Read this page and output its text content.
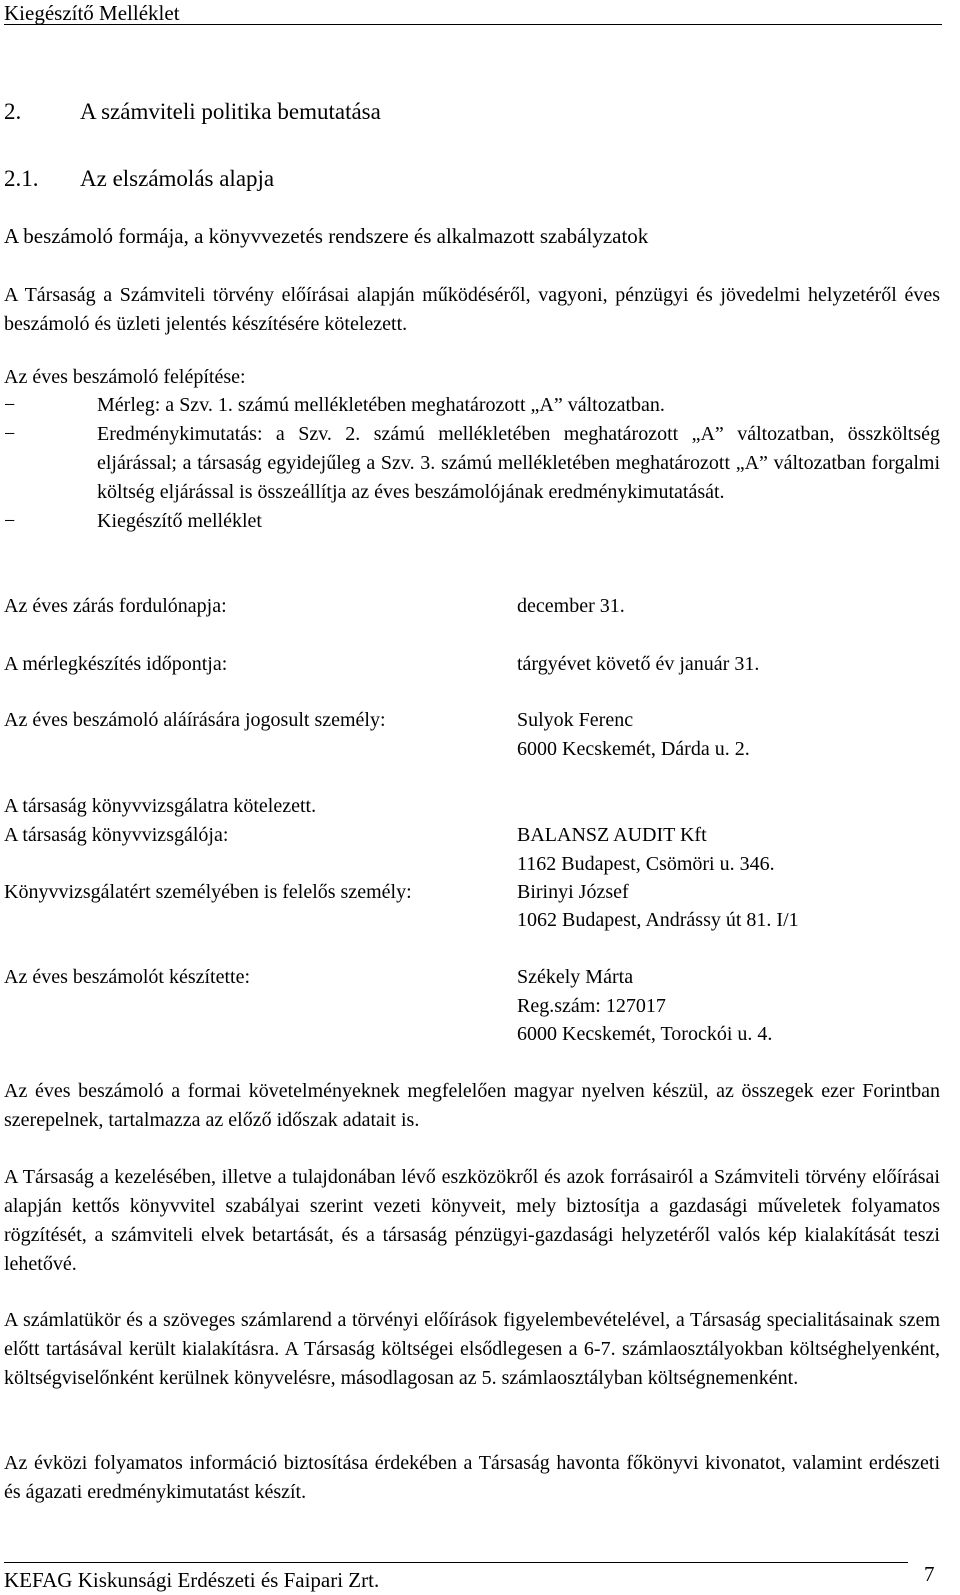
Kiegészítő Melléklet
2.	A számviteli politika bemutatása
2.1. Az elszámolás alapja
A beszámoló formája, a könyvvezetés rendszere és alkalmazott szabályzatok
A Társaság a Számviteli törvény előírásai alapján működéséről, vagyoni, pénzügyi és jövedelmi helyzetéről éves beszámoló és üzleti jelentés készítésére kötelezett.
Az éves beszámoló felépítése:
−	Mérleg: a Szv. 1. számú mellékletében meghatározott „A” változatban.
−	Eredménykimutatás: a Szv. 2. számú mellékletében meghatározott „A” változatban, összköltség eljárással; a társaság egyidejűleg a Szv. 3. számú mellékletében meghatározott „A” változatban forgalmi költség eljárással is összeállítja az éves beszámolójának eredménykimutatását.
−	Kiegészítő melléklet
Az éves zárás fordulónapja:	december 31.
A mérlegkészítés időpontja:	tárgyévet követő év január 31.
Az éves beszámoló aláírására jogosult személy:	Sulyok Ferenc
6000 Kecskemét, Dárda u. 2.
A társaság könyvvizsgálatra kötelezett.
A társaság könyvvizsgálója:	BALANSZ AUDIT Kft
1162 Budapest, Csömöri u. 346.
Könyvvizsgálatért személyében is felelős személy:	Birinyi József
1062 Budapest, Andrássy út 81. I/1
Az éves beszámolót készítette:	Székely Márta
Reg.szám: 127017
6000 Kecskemét, Torockói u. 4.
Az éves beszámoló a formai követelményeknek megfelelően magyar nyelven készül, az összegek ezer Forintban szerepelnek, tartalmazza az előző időszak adatait is.
A Társaság a kezelésében, illetve a tulajdonában lévő eszközökről és azok forrásairól a Számviteli törvény előírásai alapján kettős könyvvitel szabályai szerint vezeti könyveit, mely biztosítja a gazdasági műveletek folyamatos rögzítését, a számviteli elvek betartását, és a társaság pénzügyi-gazdasági helyzetéről valós kép kialakítását teszi lehetővé.
A számlatükör és a szöveges számlarend a törvényi előírások figyelembevételével, a Társaság specialitásainak szem előtt tartásával került kialakításra. A Társaság költségei elsődlegesen a 6-7. számlaosztályokban költséghelyenként, költségviselőnként kerülnek könyvelésre, másodlagosan az 5. számlaosztályban költségnemenként.
Az évközi folyamatos információ biztosítása érdekében a Társaság havonta főkönyvi kivonatot, valamint erdészeti és ágazati eredménykimutatást készít.
KEFAG Kiskunsági Erdészeti és Faipari Zrt.	7
